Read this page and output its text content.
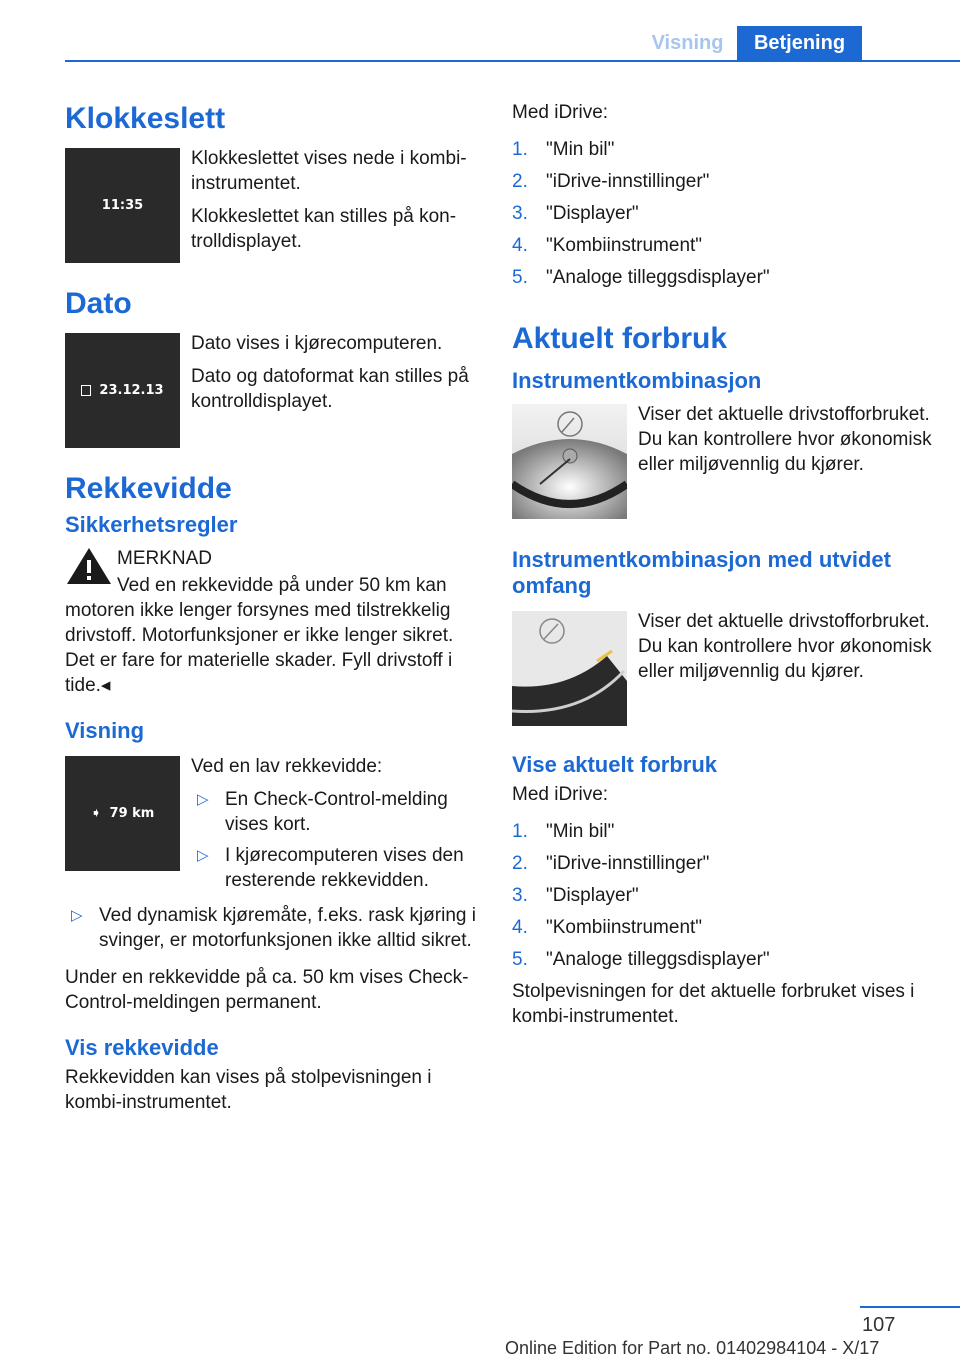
Visning	Betjening
Klokkeslett
11:35

Klokkeslettet vises nede i kombi-instrumentet.

Klokkeslettet kan stilles på kontrolldisplayet.

Dato
23.12.13

Dato vises i kjørecomputeren.

Dato og datoformat kan stilles på kontrolldisplayet.

Rekkevidde
Sikkerhetsregler

MERKNAD

Ved en rekkevidde på under 50 km kan

motoren ikke lenger forsynes med tilstrekkelig drivstoff. Motorfunksjoner er ikke lenger sikret. Det er fare for materielle skader. Fyll drivstoff i tide.◂

Visning
➧ 79 km

Ved en lav rekkevidde:

▷ En Check-Control-melding vises kort.
▷ I kjørecomputeren vises den resterende rekkevidden.
▷ Ved dynamisk kjøremåte, f.eks. rask kjøring i svinger, er motorfunksjonen ikke alltid sikret.

Under en rekkevidde på ca. 50 km vises Check-Control-meldingen permanent.

Vis rekkevidde

Rekkevidden kan vises på stolpevisningen i kombi-instrumentet.

Med iDrive:

1. "Min bil"
2. "iDrive-innstillinger"
3. "Displayer"
4. "Kombiinstrument"
5. "Analoge tilleggsdisplayer"
Aktuelt forbruk
Instrumentkombinasjon

Viser det aktuelle drivstofforbruket. Du kan kontrollere hvor økonomisk eller miljøvennlig du kjører.

Instrumentkombinasjon med utvidet omfang

Viser det aktuelle drivstofforbruket. Du kan kontrollere hvor økonomisk eller miljøvennlig du kjører.

Vise aktuelt forbruk

Med iDrive:

1. "Min bil"
2. "iDrive-innstillinger"
3. "Displayer"
4. "Kombiinstrument"
5. "Analoge tilleggsdisplayer"

Stolpevisningen for det aktuelle forbruket vises i kombi-instrumentet.

107
Online Edition for Part no. 01402984104 - X/17
